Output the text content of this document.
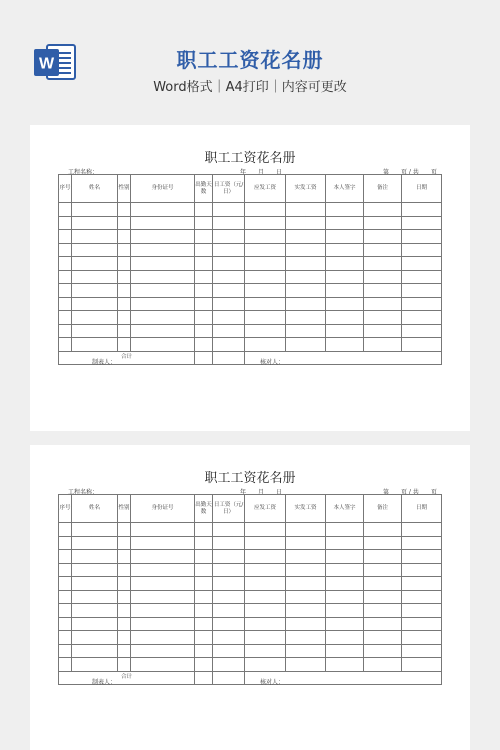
W	职工工资花名册
Word格式｜A4打印｜内容可更改
职工工资花名册
工程名称：	年　　月　　日	第　　页 / 共　　页
序号	姓名	性别	身份证号	出勤天数	日工资（元/日）	应发工资	实发工资	本人签字	备注	日期

合计										
制表人：	核对人：
职工工资花名册
工程名称：	年　　月　　日	第　　页 / 共　　页
序号	姓名	性别	身份证号	出勤天数	日工资（元/日）	应发工资	实发工资	本人签字	备注	日期

合计										
制表人：	核对人：
